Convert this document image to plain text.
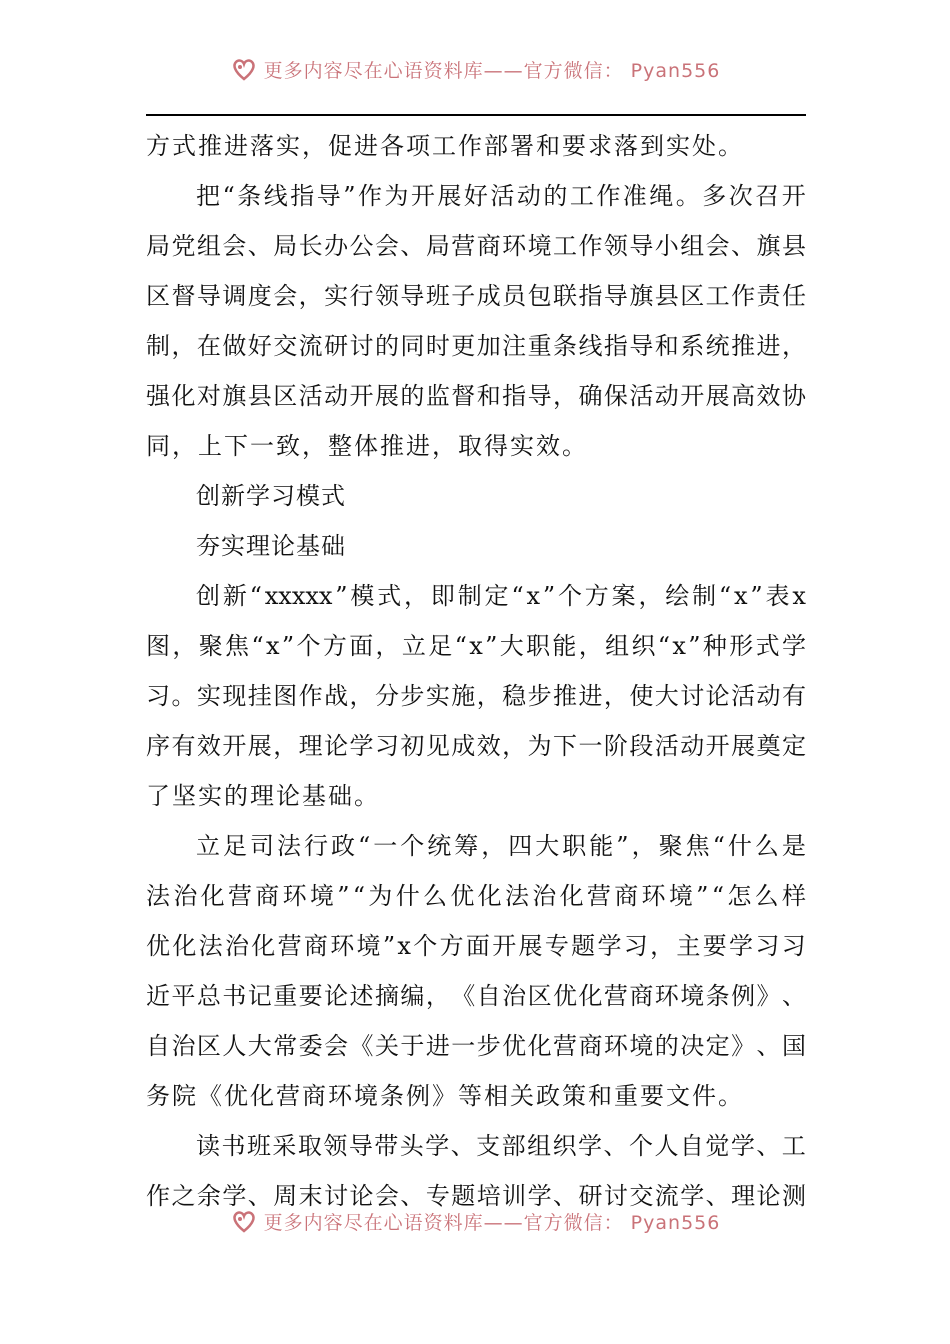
更多内容尽在心语资料库——官方微信： Pyan556
方式推进落实，促进各项工作部署和要求落到实处。
把 “ 条 线 指 导 ” 作 为 开 展 好 活 动 的 工 作 准 绳 。 多 次 召 开
局 党 组 会 、 局 长 办 公 会 、 局 营 商 环 境 工 作 领 导 小 组 会 、 旗 县
区 督 导 调 度 会 ， 实 行 领 导 班 子 成 员 包 联 指 导 旗 县 区 工 作 责 任
制 ， 在 做 好 交 流 研 讨 的 同 时 更 加 注 重 条 线 指 导 和 系 统 推 进 ，
强 化 对 旗 县 区 活 动 开 展 的 监 督 和 指 导 ， 确 保 活 动 开 展 高 效 协
同，上下一致，整体推进，取得实效。
创新学习模式
夯实理论基础
创 新 “ xxxxx ” 模 式 ， 即 制 定 “ x ” 个 方 案 ， 绘 制 “ x ” 表 x
图 ， 聚 焦 “ x ” 个 方 面 ， 立 足 “ x ” 大 职 能 ， 组 织 “ x ” 种 形 式 学
习 。 实 现 挂 图 作 战 ， 分 步 实 施 ， 稳 步 推 进 ， 使 大 讨 论 活 动 有
序 有 效 开 展 ， 理 论 学 习 初 见 成 效 ， 为 下 一 阶 段 活 动 开 展 奠 定
了坚实的理论基础。
立 足 司 法 行 政 “ 一 个 统 筹 ， 四 大 职 能 ” ， 聚 焦 “ 什 么 是
法 治 化 营 商 环 境 ” “ 为 什 么 优 化 法 治 化 营 商 环 境 ” “ 怎 么 样
优 化 法 治 化 营 商 环 境 ” x 个 方 面 开 展 专 题 学 习 ， 主 要 学 习 习
近 平 总 书 记 重 要 论 述 摘 编 ， 《 自 治 区 优 化 营 商 环 境 条 例 》 、
自 治 区 人 大 常 委 会 《 关 于 进 一 步 优 化 营 商 环 境 的 决 定 》 、 国
务院《优化营商环境条例》等相关政策和重要文件。
读 书 班 采 取 领 导 带 头 学 、 支 部 组 织 学 、 个 人 自 觉 学 、 工
作 之 余 学 、 周 末 讨 论 会 、 专 题 培 训 学 、 研 讨 交 流 学 、 理 论 测
更多内容尽在心语资料库——官方微信： Pyan556
